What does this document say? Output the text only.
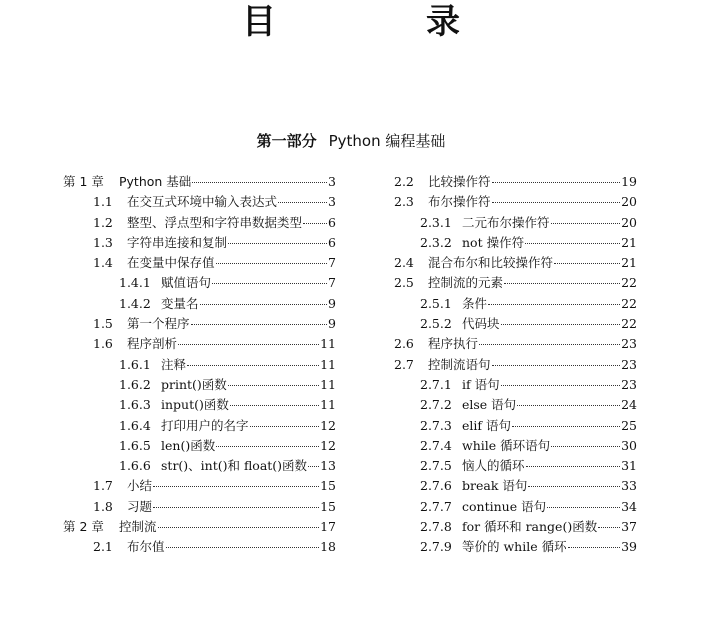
目　录
第一部分 Python 编程基础
第 1 章	Python 基础	3
1.1	在交互式环境中输入表达式	3
1.2	整型、浮点型和字符串数据类型 6
1.3	字符串连接和复制	6
1.4	在变量中保存值	7
1.4.1 赋值语句	7
1.4.2 变量名	9
1.5	第一个程序	9
1.6	程序剖析	11
1.6.1 注释	11
1.6.2 print()函数	11
1.6.3 input()函数	11
1.6.4 打印用户的名字	12
1.6.5 len()函数	12
1.6.6 str()、int()和 float()函数 13
1.7	小结	15
1.8	习题	15
第 2 章	控制流	17
2.1	布尔值	18
2.2	比较操作符	19
2.3	布尔操作符	20
2.3.1 二元布尔操作符	20
2.3.2 not 操作符	21
2.4	混合布尔和比较操作符	21
2.5	控制流的元素	22
2.5.1 条件	22
2.5.2 代码块	22
2.6	程序执行	23
2.7	控制流语句	23
2.7.1 if 语句	23
2.7.2 else 语句	24
2.7.3 elif 语句	25
2.7.4 while 循环语句	30
2.7.5 恼人的循环	31
2.7.6 break 语句	33
2.7.7 continue 语句	34
2.7.8 for 循环和 range()函数 37
2.7.9 等价的 while 循环	39
